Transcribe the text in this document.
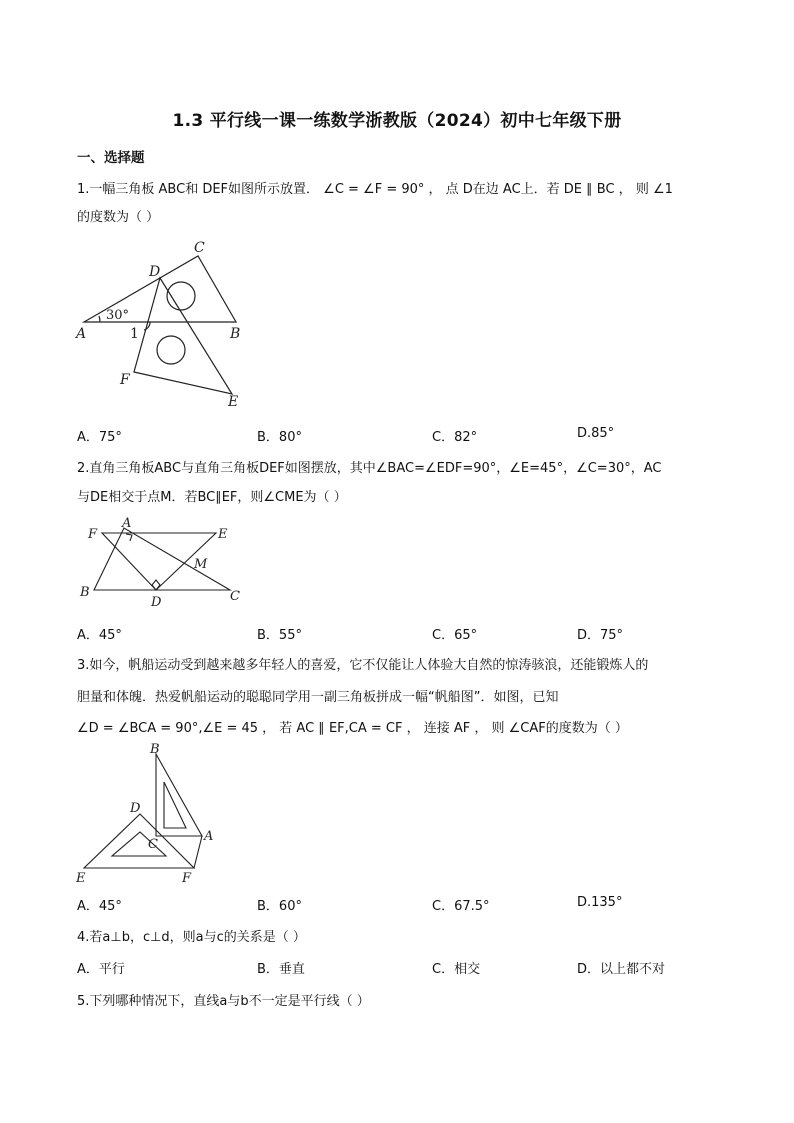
1.3 平行线一课一练数学浙教版（2024）初中七年级下册
一、选择题
1.一幅三角板 ABC和 DEF如图所示放置． ∠C = ∠F = 90° ， 点 D在边 AC上．若 DE ∥ BC ， 则 ∠1
的度数为（ ）
A	B
C
D
E
F
1
30°
A．75°	B．80°	C．82°	D.85°
2.直角三角板ABC与直角三角板DEF如图摆放，其中∠BAC=∠EDF=90°，∠E=45°，∠C=30°，AC
与DE相交于点M．若BC∥EF，则∠CME为（ ）
F
A
E
M
B
D	C
A．45°	B．55°	C．65°	D．75°
3.如今，帆船运动受到越来越多年轻人的喜爱，它不仅能让人体验大自然的惊涛骇浪，还能锻炼人的
胆量和体魄．热爱帆船运动的聪聪同学用一副三角板拼成一幅“帆船图”．如图，已知
∠D = ∠BCA = 90°,∠E = 45 ， 若 AC ∥ EF,CA = CF ， 连接 AF ， 则 ∠CAF的度数为（ ）
B
D
C
A
E	F
A．45°	B．60°	C．67.5°	D.135°
4.若a⊥b，c⊥d，则a与c的关系是（ ）
A．平行	B．垂直	C．相交	D．以上都不对
5.下列哪种情况下，直线a与b不一定是平行线（ ）
